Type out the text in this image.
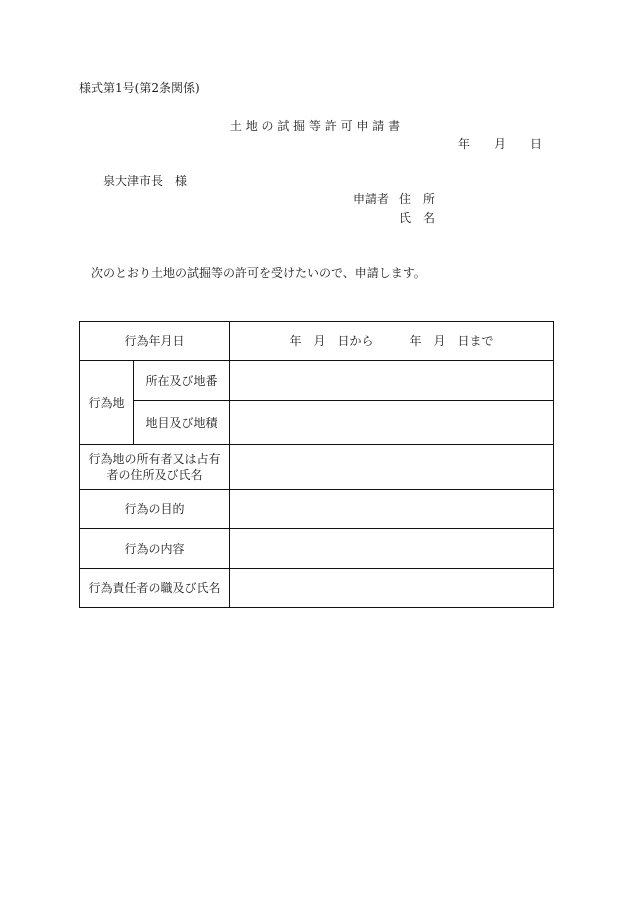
様式第1号(第2条関係)
土 地 の 試 掘 等 許 可 申 請 書
年　　月　　日
泉大津市長　 様
申請者 住　所
氏　名
次のとおり土地の試掘等の許可を受けたいので、申請します。
行為年月日		年　月　日から　　　年　月　日まで
行為地	所在及び地番	
	地目及び地積	

行為地の所有者又は占有
者の住所及び氏名		

行為の目的		
行為の内容		
行為責任者の職及び氏名		
